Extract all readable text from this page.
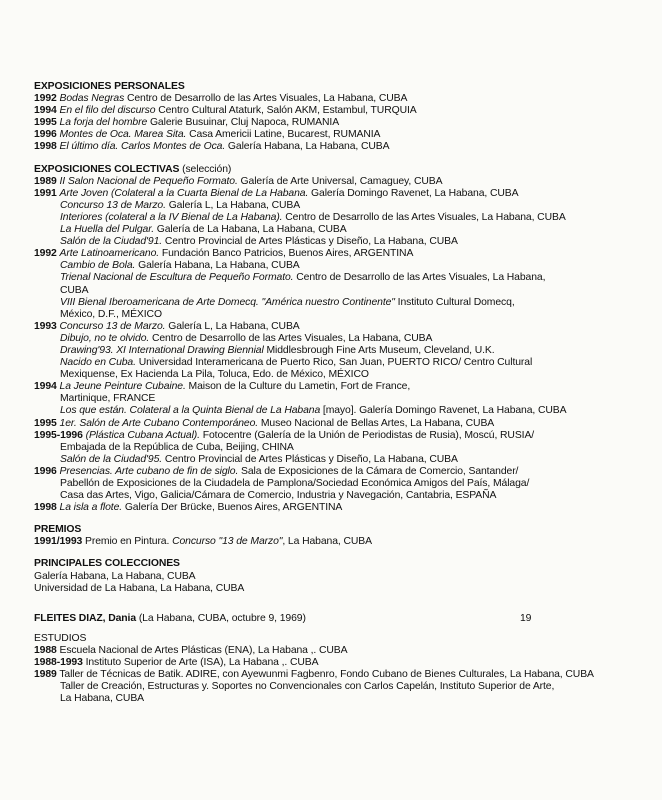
EXPOSICIONES PERSONALES
1992 Bodas Negras Centro de Desarrollo de las Artes Visuales, La Habana, CUBA
1994 En el filo del discurso Centro Cultural Ataturk, Salón AKM, Estambul, TURQUIA
1995 La forja del hombre Galerie Busuinar, Cluj Napoca, RUMANIA
1996 Montes de Oca. Marea Sita. Casa Americii Latine, Bucarest, RUMANIA
1998 El último día. Carlos Montes de Oca. Galería Habana, La Habana, CUBA
EXPOSICIONES COLECTIVAS (selección)
1989 II Salon Nacional de Pequeño Formato. Galería de Arte Universal, Camaguey, CUBA
1991 Arte Joven (Colateral a la Cuarta Bienal de La Habana. Galería Domingo Ravenet, La Habana, CUBA
Concurso 13 de Marzo. Galería L, La Habana, CUBA
Interiores (colateral a la IV Bienal de La Habana). Centro de Desarrollo de las Artes Visuales, La Habana, CUBA
La Huella del Pulgar. Galería de La Habana, La Habana, CUBA
Salón de la Ciudad'91. Centro Provincial de Artes Plásticas y Diseño, La Habana, CUBA
1992 Arte Latinoamericano. Fundación Banco Patricios, Buenos Aires, ARGENTINA
Cambio de Bola. Galería Habana, La Habana, CUBA
Trienal Nacional de Escultura de Pequeño Formato. Centro de Desarrollo de las Artes Visuales, La Habana,
CUBA
VIII Bienal Iberoamericana de Arte Domecq. "América nuestro Continente" Instituto Cultural Domecq,
México, D.F., MÉXICO
1993 Concurso 13 de Marzo. Galería L, La Habana, CUBA
Dibujo, no te olvido. Centro de Desarrollo de las Artes Visuales, La Habana, CUBA
Drawing'93. XI International Drawing Biennial Middlesbrough Fine Arts Museum, Cleveland, U.K.
Nacido en Cuba. Universidad Interamericana de Puerto Rico, San Juan, PUERTO RICO/ Centro Cultural
Mexiquense, Ex Hacienda La Pila, Toluca, Edo. de México, MÉXICO
1994 La Jeune Peinture Cubaine. Maison de la Culture du Lametin, Fort de France,
Martinique, FRANCE
Los que están. Colateral a la Quinta Bienal de La Habana [mayo]. Galería Domingo Ravenet, La Habana, CUBA
1995 1er. Salón de Arte Cubano Contemporáneo. Museo Nacional de Bellas Artes, La Habana, CUBA
1995-1996 (Plástica Cubana Actual). Fotocentre (Galería de la Unión de Periodistas de Rusia), Moscú, RUSIA/
Embajada de la República de Cuba, Beijing, CHINA
Salón de la Ciudad'95. Centro Provincial de Artes Plásticas y Diseño, La Habana, CUBA
1996 Presencias. Arte cubano de fin de siglo. Sala de Exposiciones de la Cámara de Comercio, Santander/
Pabellón de Exposiciones de la Ciudadela de Pamplona/Sociedad Económica Amigos del País, Málaga/
Casa das Artes, Vigo, Galicia/Cámara de Comercio, Industria y Navegación, Cantabria, ESPAÑA
1998 La isla a flote. Galería Der Brücke, Buenos Aires, ARGENTINA
PREMIOS
1991/1993 Premio en Pintura. Concurso "13 de Marzo", La Habana, CUBA
PRINCIPALES COLECCIONES
Galería Habana, La Habana, CUBA
Universidad de La Habana, La Habana, CUBA
FLEITES DIAZ, Dania (La Habana, CUBA, octubre 9, 1969)	19
ESTUDIOS
1988 Escuela Nacional de Artes Plásticas (ENA), La Habana ,. CUBA
1988-1993 Instituto Superior de Arte (ISA), La Habana ,. CUBA
1989 Taller de Técnicas de Batik. ADIRE, con Ayewunmi Fagbenro, Fondo Cubano de Bienes Culturales, La Habana, CUBA
Taller de Creación, Estructuras y. Soportes no Convencionales con Carlos Capelán, Instituto Superior de Arte,
La Habana, CUBA
